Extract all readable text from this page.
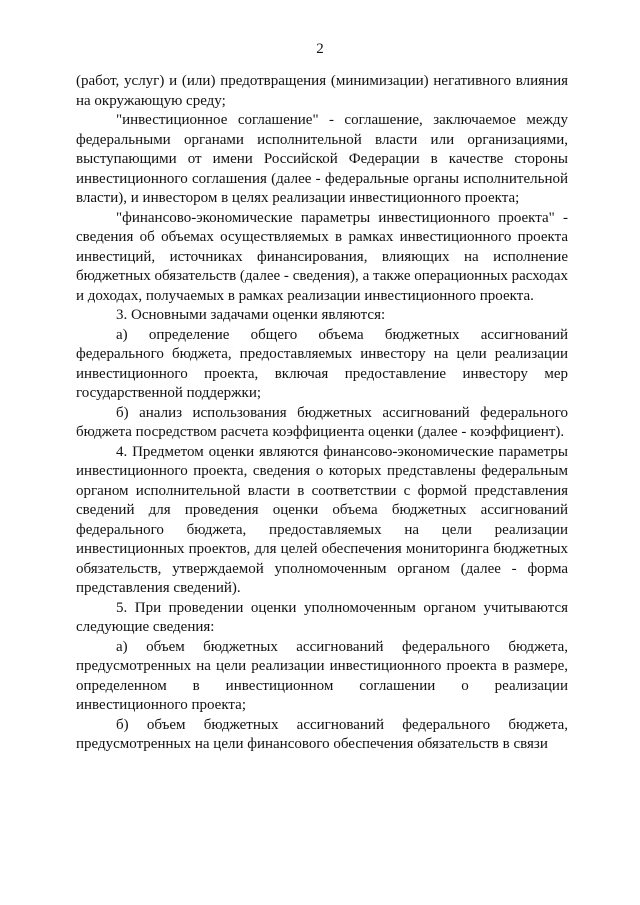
2

(работ, услуг) и (или) предотвращения (минимизации) негативного влияния на окружающую среду;

"инвестиционное соглашение" - соглашение, заключаемое между федеральными органами исполнительной власти или организациями, выступающими от имени Российской Федерации в качестве стороны инвестиционного соглашения (далее - федеральные органы исполнительной власти), и инвестором в целях реализации инвестиционного проекта;

"финансово-экономические параметры инвестиционного проекта" - сведения об объемах осуществляемых в рамках инвестиционного проекта инвестиций, источниках финансирования, влияющих на исполнение бюджетных обязательств (далее - сведения), а также операционных расходах и доходах, получаемых в рамках реализации инвестиционного проекта.

3. Основными задачами оценки являются:

а) определение общего объема бюджетных ассигнований федерального бюджета, предоставляемых инвестору на цели реализации инвестиционного проекта, включая предоставление инвестору мер государственной поддержки;

б) анализ использования бюджетных ассигнований федерального бюджета посредством расчета коэффициента оценки (далее - коэффициент).

4. Предметом оценки являются финансово-экономические параметры инвестиционного проекта, сведения о которых представлены федеральным органом исполнительной власти в соответствии с формой представления сведений для проведения оценки объема бюджетных ассигнований федерального бюджета, предоставляемых на цели реализации инвестиционных проектов, для целей обеспечения мониторинга бюджетных обязательств, утверждаемой уполномоченным органом (далее - форма представления сведений).

5. При проведении оценки уполномоченным органом учитываются следующие сведения:

а) объем бюджетных ассигнований федерального бюджета, предусмотренных на цели реализации инвестиционного проекта в размере, определенном в инвестиционном соглашении о реализации инвестиционного проекта;

б) объем бюджетных ассигнований федерального бюджета, предусмотренных на цели финансового обеспечения обязательств в связи
